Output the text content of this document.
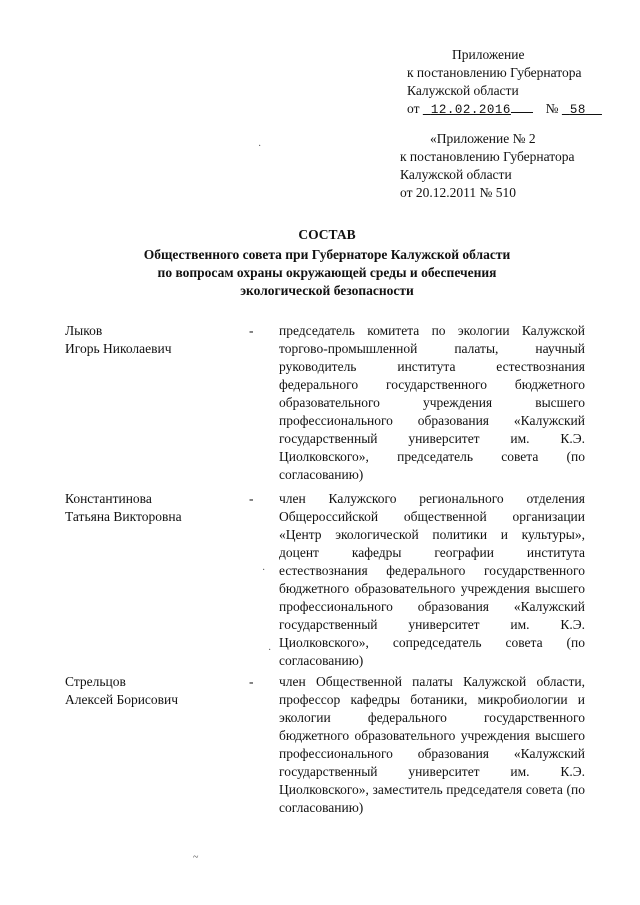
Приложение
к постановлению Губернатора
Калужской области
от 12.02.2016	№ 58
«Приложение № 2
к постановлению Губернатора
Калужской области
от 20.12.2011 № 510
СОСТАВ
Общественного совета при Губернаторе Калужской области
по вопросам охраны окружающей среды и обеспечения
экологической безопасности
Лыков
Игорь Николаевич
- председатель комитета по экологии Калужской торгово-промышленной палаты, научный руководитель института естествознания федерального государственного бюджетного образовательного учреждения высшего профессионального образования «Калужский государственный университет им. К.Э. Циолковского», председатель совета (по согласованию)
Константинова
Татьяна Викторовна
- член Калужского регионального отделения Общероссийской общественной организации «Центр экологической политики и культуры», доцент кафедры географии института естествознания федерального государственного бюджетного образовательного учреждения высшего профессионального образования «Калужский государственный университет им. К.Э. Циолковского», сопредседатель совета (по согласованию)
Стрельцов
Алексей Борисович
- член Общественной палаты Калужской области, профессор кафедры ботаники, микробиологии и экологии федерального государственного бюджетного образовательного учреждения высшего профессионального образования «Калужский государственный университет им. К.Э. Циолковского», заместитель председателя совета (по согласованию)
·
·
·
~
